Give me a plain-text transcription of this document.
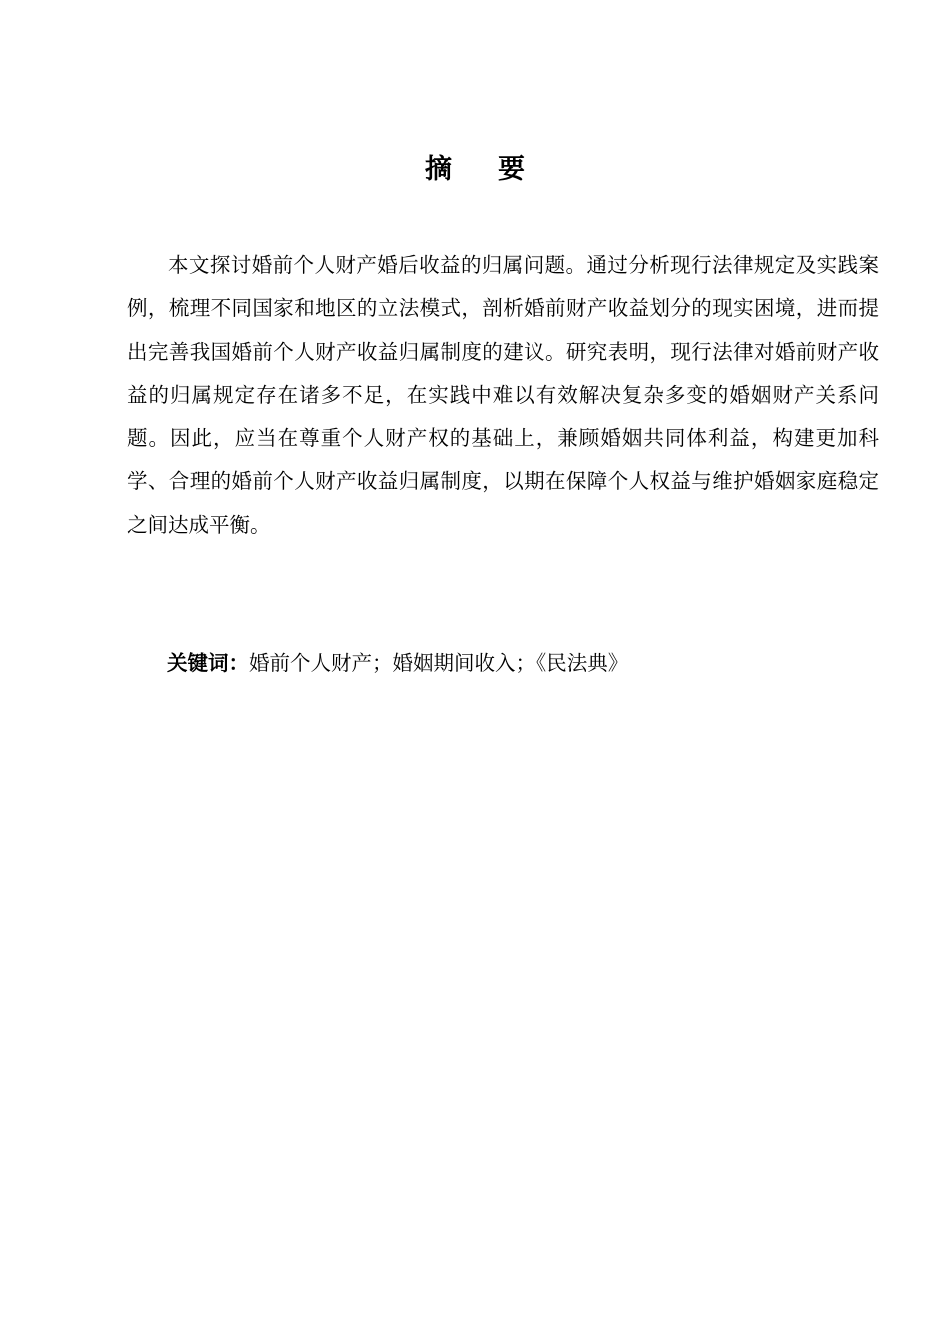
摘 要

本文探讨婚前个人财产婚后收益的归属问题。通过分析现行法律规定及实践案例，梳理不同国家和地区的立法模式，剖析婚前财产收益划分的现实困境，进而提出完善我国婚前个人财产收益归属制度的建议。研究表明，现行法律对婚前财产收益的归属规定存在诸多不足，在实践中难以有效解决复杂多变的婚姻财产关系问题。因此，应当在尊重个人财产权的基础上，兼顾婚姻共同体利益，构建更加科学、合理的婚前个人财产收益归属制度，以期在保障个人权益与维护婚姻家庭稳定之间达成平衡。

关键词：婚前个人财产；婚姻期间收入；《民法典》
